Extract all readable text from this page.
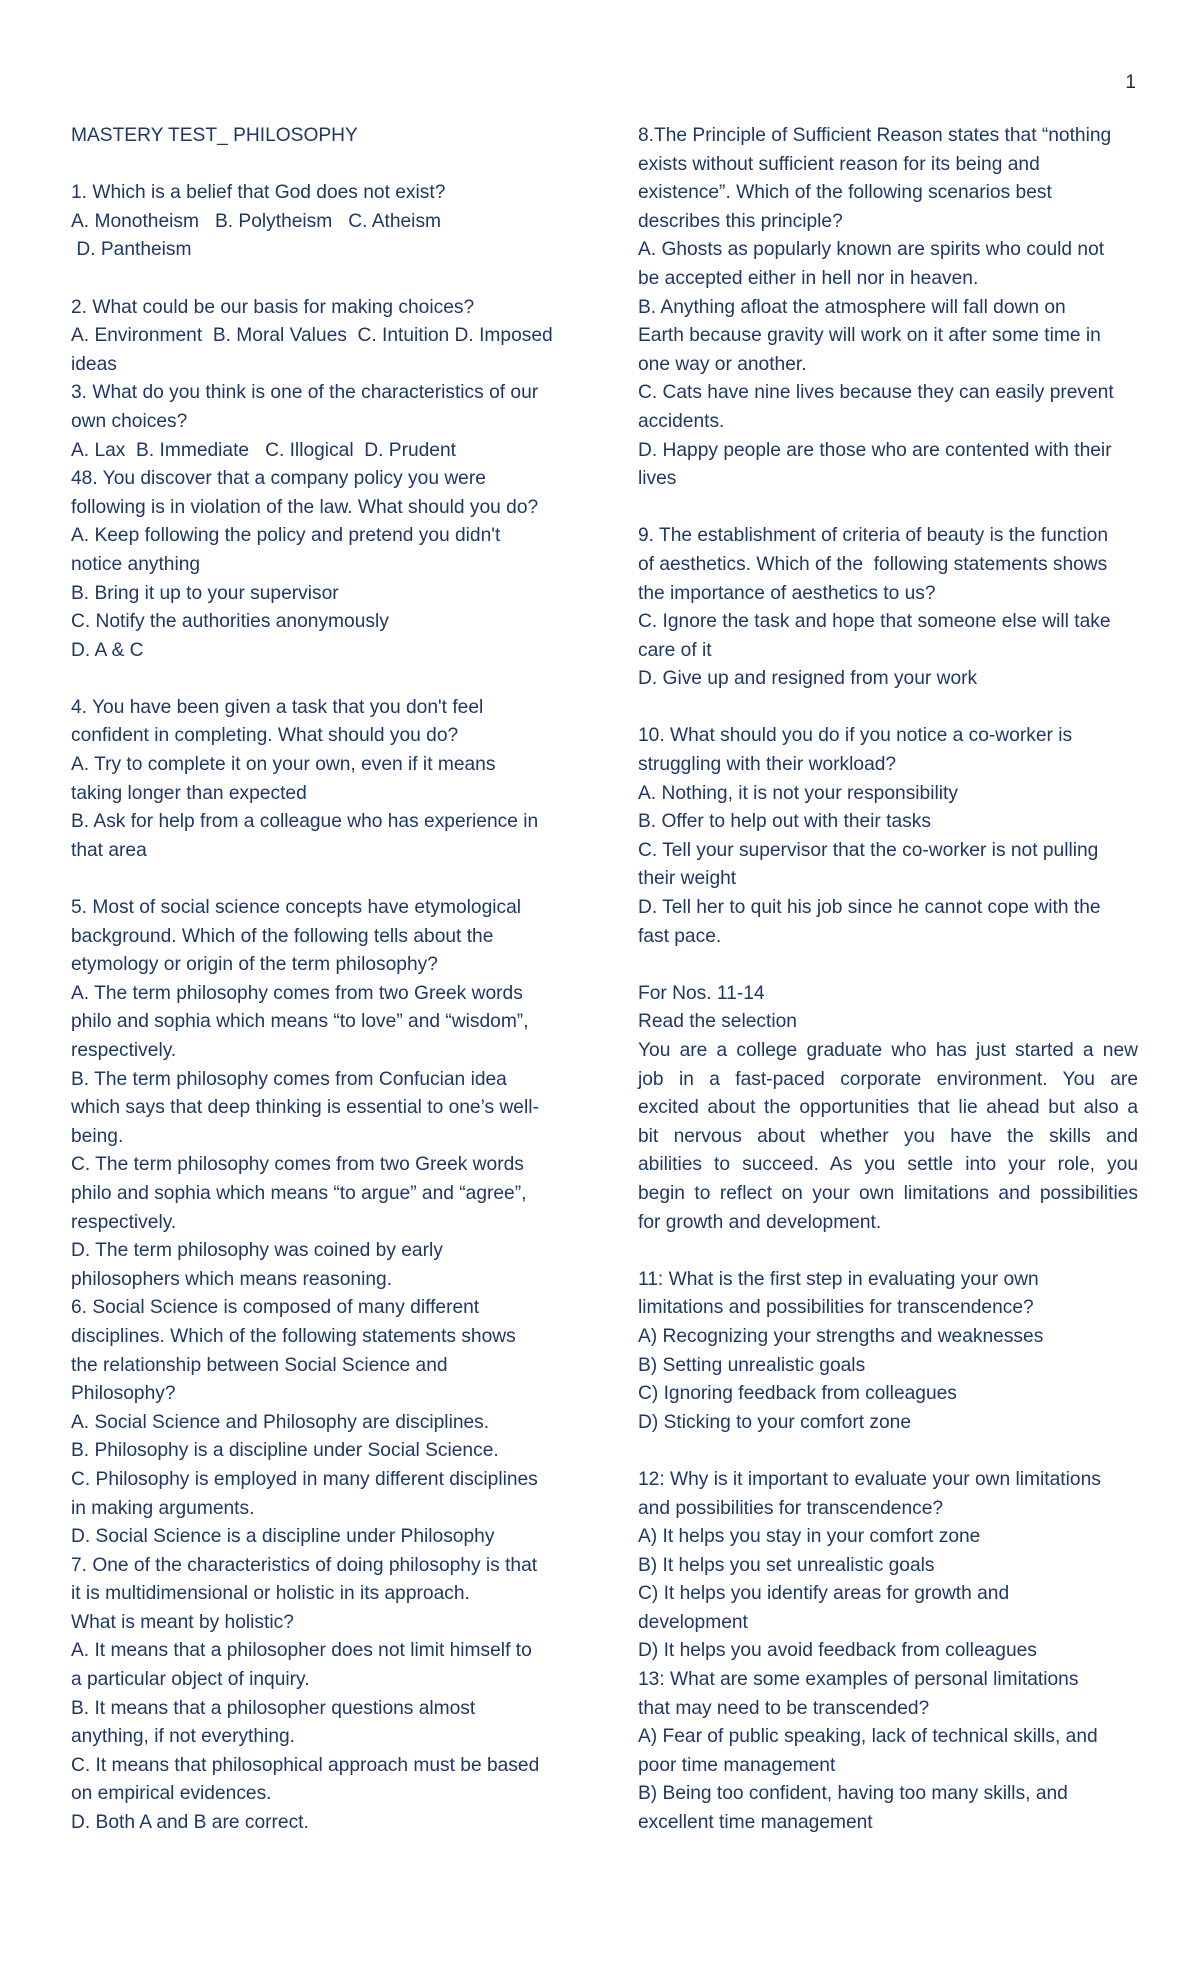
1
MASTERY TEST_ PHILOSOPHY
1. Which is a belief that God does not exist?
A. Monotheism   B. Polytheism   C. Atheism
D. Pantheism
2. What could be our basis for making choices?
A. Environment  B. Moral Values  C. Intuition D. Imposed
ideas
3. What do you think is one of the characteristics of our
own choices?
A. Lax  B. Immediate   C. Illogical  D. Prudent
48. You discover that a company policy you were
following is in violation of the law. What should you do?
A. Keep following the policy and pretend you didn't
notice anything
B. Bring it up to your supervisor
C. Notify the authorities anonymously
D. A & C
4. You have been given a task that you don't feel
confident in completing. What should you do?
A. Try to complete it on your own, even if it means
taking longer than expected
B. Ask for help from a colleague who has experience in
that area
5. Most of social science concepts have etymological
background. Which of the following tells about the
etymology or origin of the term philosophy?
A. The term philosophy comes from two Greek words
philo and sophia which means “to love” and “wisdom”,
respectively.
B. The term philosophy comes from Confucian idea
which says that deep thinking is essential to one’s well-
being.
C. The term philosophy comes from two Greek words
philo and sophia which means “to argue” and “agree”,
respectively.
D. The term philosophy was coined by early
philosophers which means reasoning.
6. Social Science is composed of many different
disciplines. Which of the following statements shows
the relationship between Social Science and
Philosophy?
A. Social Science and Philosophy are disciplines.
B. Philosophy is a discipline under Social Science.
C. Philosophy is employed in many different disciplines
in making arguments.
D. Social Science is a discipline under Philosophy
7. One of the characteristics of doing philosophy is that
it is multidimensional or holistic in its approach.
What is meant by holistic?
A. It means that a philosopher does not limit himself to
a particular object of inquiry.
B. It means that a philosopher questions almost
anything, if not everything.
C. It means that philosophical approach must be based
on empirical evidences.
D. Both A and B are correct.
8.The Principle of Sufficient Reason states that “nothing
exists without sufficient reason for its being and
existence”. Which of the following scenarios best
describes this principle?
A. Ghosts as popularly known are spirits who could not
be accepted either in hell nor in heaven.
B. Anything afloat the atmosphere will fall down on
Earth because gravity will work on it after some time in
one way or another.
C. Cats have nine lives because they can easily prevent
accidents.
D. Happy people are those who are contented with their
lives
9. The establishment of criteria of beauty is the function
of aesthetics. Which of the  following statements shows
the importance of aesthetics to us?
C. Ignore the task and hope that someone else will take
care of it
D. Give up and resigned from your work
10. What should you do if you notice a co-worker is
struggling with their workload?
A. Nothing, it is not your responsibility
B. Offer to help out with their tasks
C. Tell your supervisor that the co-worker is not pulling
their weight
D. Tell her to quit his job since he cannot cope with the
fast pace.
For Nos. 11-14
Read the selection
You are a college graduate who has just started a new
job in a fast-paced corporate environment. You are
excited about the opportunities that lie ahead but also a
bit nervous about whether you have the skills and
abilities to succeed. As you settle into your role, you
begin to reflect on your own limitations and possibilities
for growth and development.
11: What is the first step in evaluating your own
limitations and possibilities for transcendence?
A) Recognizing your strengths and weaknesses
B) Setting unrealistic goals
C) Ignoring feedback from colleagues
D) Sticking to your comfort zone
12: Why is it important to evaluate your own limitations
and possibilities for transcendence?
A) It helps you stay in your comfort zone
B) It helps you set unrealistic goals
C) It helps you identify areas for growth and
development
D) It helps you avoid feedback from colleagues
13: What are some examples of personal limitations
that may need to be transcended?
A) Fear of public speaking, lack of technical skills, and
poor time management
B) Being too confident, having too many skills, and
excellent time management
